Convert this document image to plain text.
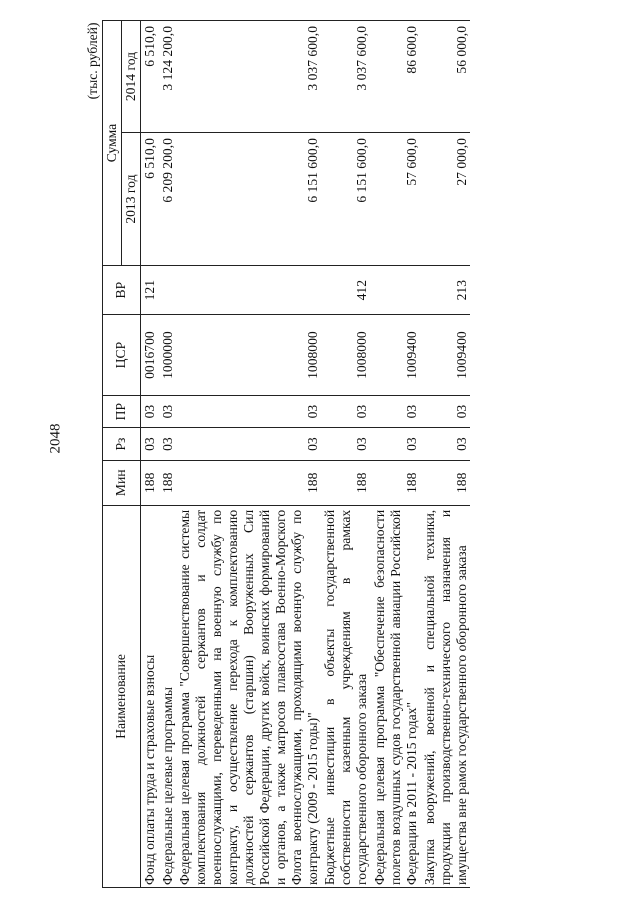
2048
							(тыс. рублей)
Наименование	Мин	Рз	ПР	ЦСР	ВР	Сумма	
						2013 год	2014 год
Фонд оплаты труда и страховые взносы	188	03	03	0016700	121	6 510,0	6 510,0
Федеральные целевые программы	188	03	03	1000000		6 209 200,0	3 124 200,0
Федеральная целевая программа "Совершенствование системы комплектования должностей сержантов и солдат военнослужащими, переведенными на военную службу по контракту, и осуществление перехода к комплектованию должностей сержантов (старшин) Вооруженных Сил Российской Федерации, других войск, воинских формирований и органов, а также матросов плавсостава Военно-Морского Флота военнослужащими, проходящими военную службу по контракту (2009 - 2015 годы)"	188	03	03	1008000		6 151 600,0	3 037 600,0
Бюджетные инвестиции в объекты государственной собственности казенным учреждениям в рамках государственного оборонного заказа	188	03	03	1008000	412	6 151 600,0	3 037 600,0
Федеральная целевая программа "Обеспечение безопасности полетов воздушных судов государственной авиации Российской Федерации в 2011 - 2015 годах"	188	03	03	1009400		57 600,0	86 600,0
Закупка вооружений, военной и специальной техники, продукции производственно-технического назначения и имущества вне рамок государственного оборонного заказа	188	03	03	1009400	213	27 000,0	56 000,0
